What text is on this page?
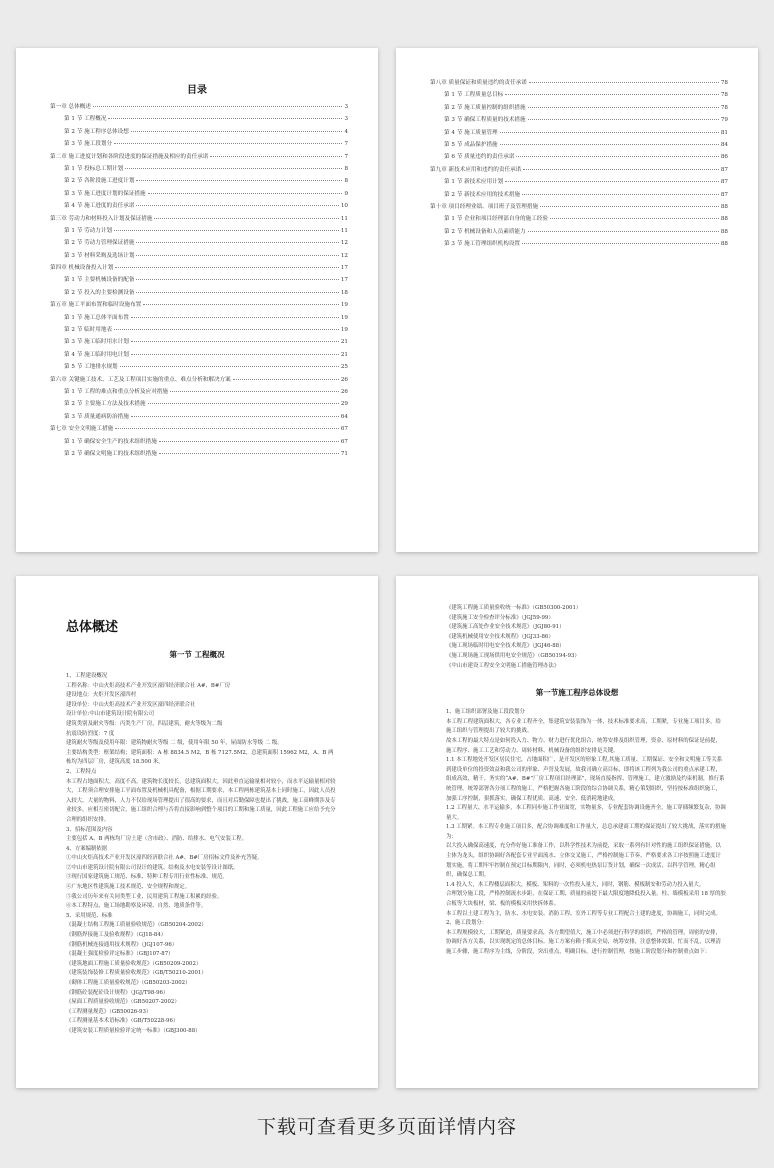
目录
第一章 总体概述	3
第 1 节 工程概况	3
第 2 节 施工程序总体设想	4
第 3 节 施工段划分	7
第二章 施工进度计划和各阶段进度的保证措施及相应的责任承诺	7
第 1 节 投标总工期计划	8
第 2 节 各阶段施工进度计划	8
第 3 节 施工进度计划的保证措施	9
第 4 节 施工进度的责任承诺	10
第三章 劳动力和材料投入计划及保证措施	11
第 1 节 劳动力计划	11
第 2 节 劳动力管理保证措施	12
第 3 节 材料采购及选场计划	12
第四章 机械设备投入计划	17
第 1 节 主要机械设备的配备	17
第 2 节 投入的主要检测设备	18
第五章 施工平面布置和临时设施布置	19
第 1 节 施工总体平面布置	19
第 2 节 临时用地表	19
第 3 节 施工临时用水计划	21
第 4 节 施工临时用电计划	21
第 5 节 工地排水规划	25
第六章 关键施工技术、工艺及工程项目实施的重点、难点分析和解决方案	26
第 1 节 工程的难点和重点分析及应对措施	26
第 2 节 主要施工方法及技术措施	29
第 3 节 质量通病防治措施	64
第七章 安全文明施工措施	67
第 1 节 确保安全生产的技术组织措施	67
第 2 节 确保文明施工的技术组织措施	71
第八章 质量保证和质量违约的责任承诺	78
第 1 节 工程质量总目标	78
第 2 节 施工质量控制的组织措施	78
第 3 节 确保工程质量的技术措施	79
第 4 节 施工质量管理	81
第 5 节 成品保护措施	84
第 6 节 质量违约的责任承诺	86
第九章 新技术应用和违约的责任承诺	87
第 1 节 新技术应用计划	87
第 2 节 新技术应用的技术措施	87
第十章 项目经理业绩、项目班子及管理措施	88
第 1 节 企业和项目经理部自身的施工经验	88
第 2 节 机械设备和人员素质能力	88
第 3 节 施工管理组织机构设置	88
总体概述
第一节 工程概况

1、工程建设概况

工程名称：中山火炬高技术产业开发区濠四经济联合社 A#、B#厂房

建设地点：火炬开发区濠四村

建设单位：中山火炬高技术产业开发区濠四经济联合社

设计单位:中山市建筑设计院有限公司

建筑类别及耐火等级：丙类生产厂房，四层建筑，耐火等级为二级

抗震设防烈度：7 度

建筑耐火等级及使用年限：建筑物耐火等级 二 级，使用年限 50 年，屋面防水等级 二 级。

主要结构类型：框架结构；建筑面积：A 栋 8834.5 M2，B 栋 7127.5M2，总建筑面积 15962 M2，A、B 两栋均为四层厂房，建筑高度 18.500 米。

2、工程特点

本工程占地面积大，高度不高，建筑物长度较长，总建筑面积大，因此垂直运输量相对较小，而水平运输量相对较大，工程须合理安排施工平面布置及机械机具配备，根据工期要求，本工程两栋建筑基本上同时施工，因此人员投入较大，大量的物料、人力不仅给现场管理提出了很高的要求，而且对后勤保障也提出了挑战，施工高峰期涉及专业较多，应相互密切配合，施工组织合理与否将直接影响到整个项目的工期和施工质量，因此工程施工应给予充分合理的组织安排。

3、招标范围及内容

主要包括 A、B 两栋均厂房土建（含市政）、消防、给排水、电气安装工程。

4、方案编制依据

①中山火炬高技术产业开发区濠四经济联合社 A#、B#厂房招标文件及补充答疑。

②中山市建筑设计院有限公司设计的建筑、结构及水电安装等设计图纸。

③现行国家建筑施工规范、标准、特种工程专用行业性标准、规范。

④广东地区性建筑施工技术规范、安全规程和规定。

⑤我公司历年来有关同类型工业、民用建筑工程施工积累的经验。

⑥本工程特点、施工场地勘察及环境、自然、地质条件等。

5、采用规范、标准

《混凝土结构工程施工质量验收规范》（GB50204-2002）

《钢筋焊接施工及验收规程》（GJ18-84）

《钢筋机械连接通用技术规程》（JGJ107-96）

《混凝土强度检验评定标准》（GBJ107-87）

《建筑地面工程施工质量验收规范》（GB50209-2002）

《建筑装饰装修工程质量验收规范》（GB/T50210-2001）

《砌体工程施工质量验收规范》（GB50203-2002）

《钢筋砼装配砼设计规程》（JGJ/T98-96）

《屋面工程质量验收规范》（GB50207-2002）

《工程测量规范》（GB50026-93）

《工程测量基本术语标准》（GB/T50228-96）

《建筑安装工程质量检验评定统一标准》（GBJ300-88）

《建筑工程施工质量验收统一标准》（GB50300-2001）

《建筑施工安全检查评分标准》（JGJ59-99）

《建筑施工高处作业安全技术规范》（JGJ80-91）

《建筑机械使用安全技术规程》（JGJ33-86）

《施工现场临时用电安全技术规范》（JGJ46-88）

《施工现场施工现场供用电安全规范》（GB50194-93）

《中山市建设工程安全文明施工措施管理办法》

第一节施工程序总体设想

1、施工组织部署及施工段段划分

本工程工程建筑面积大，各专业工程齐全，集建筑安装装饰为一体，技术标准要求高，工期紧，专业施工项目多，给施工组织与管理提出了较大的挑战。

故本工程的最大特点是如何投入力、物力、财力进行优化组合，统筹安排及组织管理，资金、原材料的保证是前提，施工程序、施工工艺和劳动力、周转材料、机械设备的组织安排是关键。

1.1 本工程地处开发区居民住宅，占地面积广，是开发区的形象工程,其施工质量、工期保证、安全和文明施工等关系到建设单位的投资效益和我公司的形象、声誉及发展，故我司确立高目标，即将该工程列为我公司的重点承建工程，组成高效、精干、务实的“A#、B#”厂房工程项目经理部”，现场直接指挥、管理施工，建立激励及约束机制，推行系统管理，统筹部署各分项工程的施工，严格把握各施工阶段的综合协调关系，精心策划组织，坚持按标准组织施工，加强工序控制，狠抓落实，确保工程优质、高速、安全、低消耗地建成。

1.2 工程量大、水平运输多，本工程同步施工作业面宽，实物量多，专业配套协调设施齐全，施工穿插频繁复杂，协调量大。

1.3 工期紧。本工程专业施工项目多，配合协调难度和工作量大，总总承建商工期的保证提出了较大挑战，落实的措施为：

以大投入确保高速度，充分作好施工准备工作，以科学性技术为前提，采取一系列有针对性的施工组织保证措施，以主体为龙头，组织协调好各配套专业平面流水、立体交叉施工，严格控制施工节奏，严格要求各工序按照施工进度计划实施，将工期牢牢控制在预定目标期限内，同时，必须机电热泵订货计划，确保一次成活，以科学管理，精心组织，确保总工期。

1.4 投入大，本工程楼层面积大，模板、架料的一次性投入量大，同时，钢筋、模板制安和劳动力投入量大。

合理划分施工段，严格控制流水步距，在保证工期、质量的前提下最大限度地降低投入量。柱、墙模板采用 18 厚的胶合板等大块板材，梁、板的模板采用快拆体系。

本工程以土建工程为主，防水、水电安装、消防工程、室外工程等专业工程配合土建的进度，协调施工，同时完成。

2、施工段划分：

本工程规模较大，工期紧迫，质量要求高，各方期望值大，施工中必须进行科学的组织，严格的管理，周密的安排，协调好各方关系，以实现既定的总体目标。施工方案有赖于抓从全局，统筹安排，注意整体效果，忙而不乱，以理清施工步骤，施工程序为主线，分阶段，突出重点，明确目标，进行控制管理，按施工阶段划分和控制重点如下：

下载可查看更多页面详情内容
